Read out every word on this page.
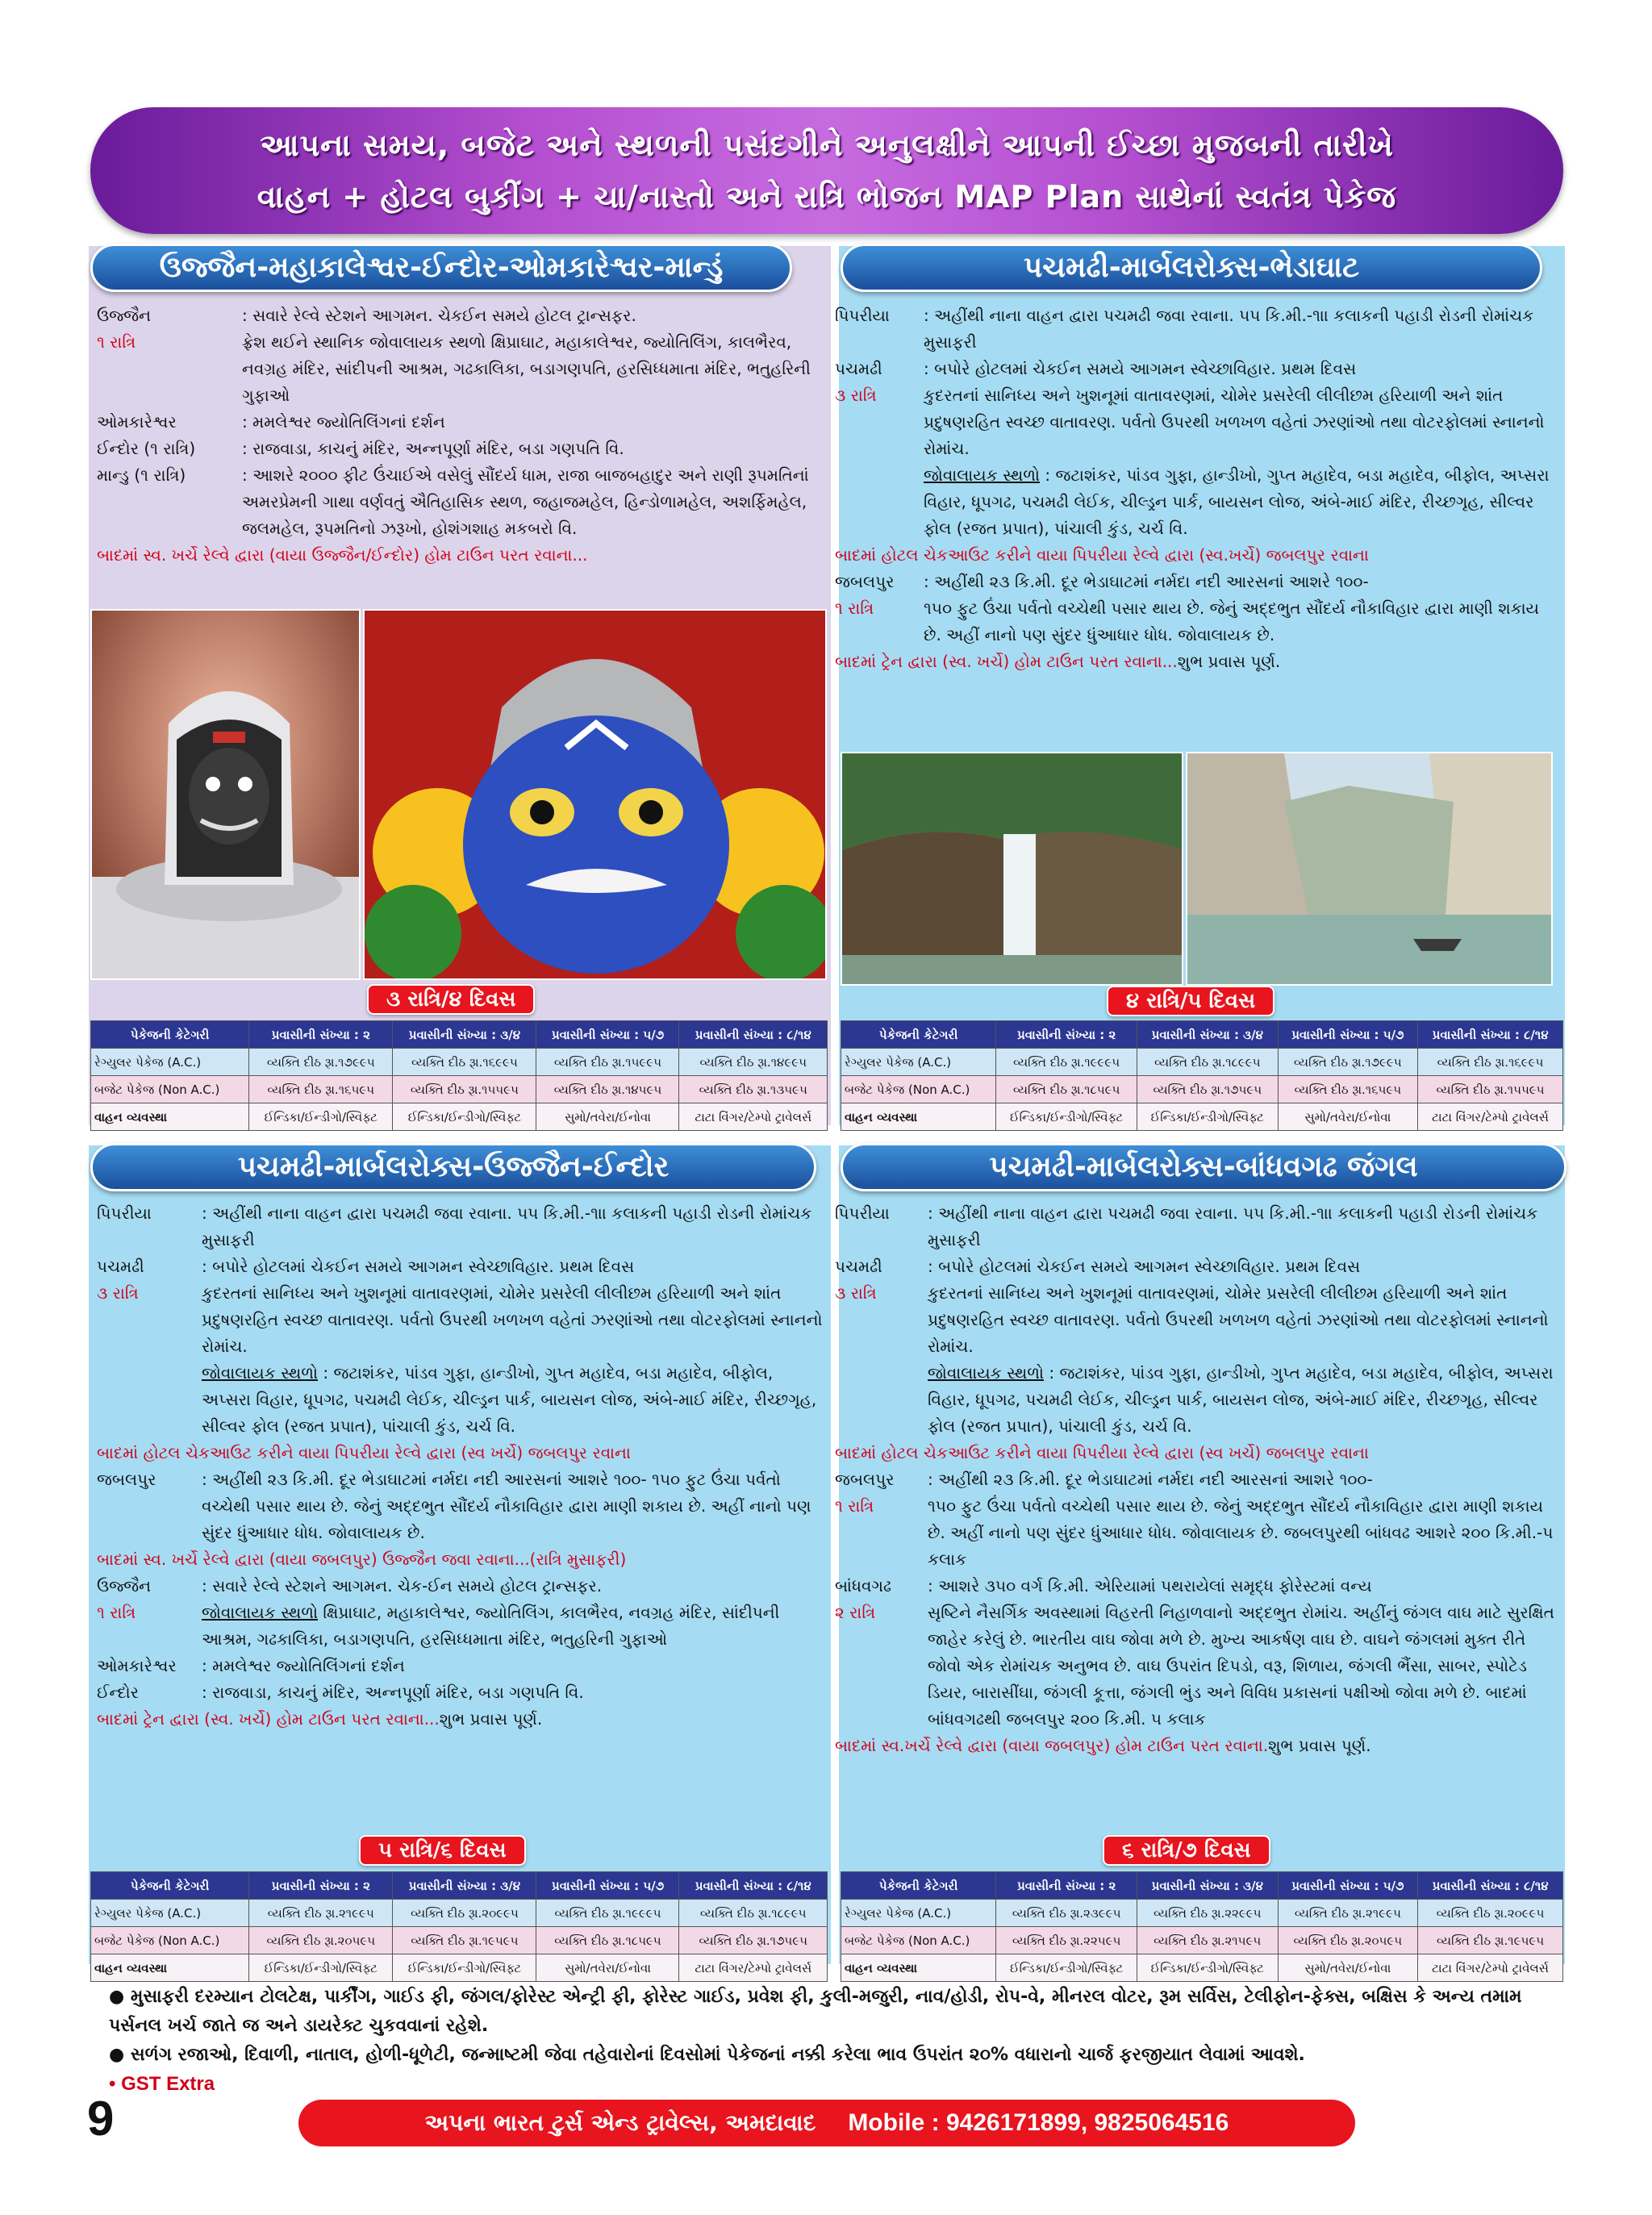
આપના સમય, બજેટ અને સ્થળની પસંદગીને અનુલક્ષીને આપની ઈચ્છા મુજબની તારીખે
વાહન + હોટલ બુકીંગ + ચા/નાસ્તો અને રાત્રિ ભોજન MAP Plan સાથેનાં સ્વતંત્ર પેકેજ
ઉજ્જૈન-મહાકાલેશ્વર-ઈન્દોર-ઓમકારેશ્વર-માન્ડું
ઉજ્જૈન	: સવારે રેલ્વે સ્ટેશને આગમન. ચેકઈન સમયે હોટલ ટ્રાન્સફર.
૧ રાત્રિ	ફ્રેશ થઈને સ્થાનિક જોવાલાયક સ્થળો ક્ષિપ્રાઘાટ, મહાકાલેશ્વર, જ્યોતિલિંગ, કાલભૈરવ, નવગ્રહ મંદિર, સાંદીપની આશ્રમ, ગઢકાલિકા, બડાગણપતિ, હરસિધ્ધમાતા મંદિર, ભતુહરિની ગુફાઓ
ઓમકારેશ્વર	: મમલેશ્વર જ્યોતિલિંગનાં દર્શન
ઈન્દોર (૧ રાત્રિ)	: રાજવાડા, કાચનું મંદિર, અન્નપૂર્ણા મંદિર, બડા ગણપતિ વિ.
માન્ડુ (૧ રાત્રિ)	: આશરે ૨૦૦૦ ફીટ ઉંચાઈએ વસેલું સૌંદર્ય ધામ, રાજા બાજબહાદુર અને રાણી રૂપમતિનાં અમરપ્રેમની ગાથા વર્ણવતું ઐતિહાસિક સ્થળ, જહાજમહેલ, હિન્ડોળામહેલ, અશર્ફિમહેલ, જલમહેલ, રૂપમતિનો ઝરૂખો, હોશંગશાહ મકબરો વિ.
બાદમાં સ્વ. ખર્ચે રેલ્વે દ્વારા (વાયા ઉજ્જૈન/ઈન્દોર) હોમ ટાઉન પરત રવાના...
૩ રાત્રિ/૪ દિવસ
પેકેજની કેટેગરી	પ્રવાસીની સંખ્યા : ૨	પ્રવાસીની સંખ્યા : ૩/૪	પ્રવાસીની સંખ્યા : ૫/૭	પ્રવાસીની સંખ્યા : ૮/૧૪
રેગ્યુલર પેકેજ (A.C.)	વ્યક્તિ દીઠ રૂા.૧૭૯૯૫	વ્યક્તિ દીઠ રૂા.૧૬૯૯૫	વ્યક્તિ દીઠ રૂા.૧૫૯૯૫	વ્યક્તિ દીઠ રૂા.૧૪૯૯૫
બજેટ પેકેજ (Non A.C.)	વ્યક્તિ દીઠ રૂા.૧૬૫૯૫	વ્યક્તિ દીઠ રૂા.૧૫૫૯૫	વ્યક્તિ દીઠ રૂા.૧૪૫૯૫	વ્યક્તિ દીઠ રૂા.૧૩૫૯૫
વાહન વ્યવસ્થા	ઈન્ડિકા/ઈન્ડીગો/સ્વિફ્ટ	ઈન્ડિકા/ઈન્ડીગો/સ્વિફ્ટ	સુમો/તવેરા/ઈનોવા	ટાટા વિંગર/ટેમ્પો ટ્રાવેલર્સ
પચમઢી-માર્બલરોક્સ-ભેડાઘાટ
પિપરીયા	: અહીંથી નાના વાહન દ્વારા પચમઢી જવા રવાના. ૫૫ કિ.મી.-૧ાા કલાકની પહાડી રોડની રોમાંચક મુસાફરી
પચમઢી	: બપોરે હોટલમાં ચેકઈન સમયે આગમન સ્વેચ્છાવિહાર. પ્રથમ દિવસ
૩ રાત્રિ	કુદરતનાં સાનિધ્ય અને ખુશનૂમાં વાતાવરણમાં, ચોમેર પ્રસરેલી લીલીછમ હરિયાળી અને શાંત પ્રદુષણરહિત સ્વચ્છ વાતાવરણ. પર્વતો ઉપરથી ખળખળ વહેતાં ઝરણાંઓ તથા વોટરફોલમાં સ્નાનનો રોમાંચ.
જોવાલાયક સ્થળો : જટાશંકર, પાંડવ ગુફા, હાન્ડીખો, ગુપ્ત મહાદેવ, બડા મહાદેવ, બીફોલ, અપ્સરા વિહાર, ધૂપગઢ, પચમઢી લેઈક, ચીલ્ડ્રન પાર્ક, બાયસન લોજ, અંબે-માઈ મંદિર, રીચ્છગૃહ, સીલ્વર ફોલ (રજત પ્રપાત), પાંચાલી કુંડ, ચર્ચ વિ.
બાદમાં હોટલ ચેકઆઉટ કરીને વાયા પિપરીયા રેલ્વે દ્વારા (સ્વ.ખર્ચે) જબલપુર રવાના
જબલપુર	: અહીંથી ૨૩ કિ.મી. દૂર ભેડાઘાટમાં નર્મદા નદી આરસનાં આશરે ૧૦૦-
૧ રાત્રિ	૧૫૦ ફુટ ઉંચા પર્વતો વચ્ચેથી પસાર થાય છે. જેનું અદ્દભુત સૌંદર્ય નૌકાવિહાર દ્વારા માણી શકાય છે. અહીં નાનો પણ સુંદર ધુંઆધાર ધોધ. જોવાલાયક છે.
બાદમાં ટ્રેન દ્વારા (સ્વ. ખર્ચે) હોમ ટાઉન પરત રવાના...શુભ પ્રવાસ પૂર્ણ.
૪ રાત્રિ/૫ દિવસ
પેકેજની કેટેગરી	પ્રવાસીની સંખ્યા : ૨	પ્રવાસીની સંખ્યા : ૩/૪	પ્રવાસીની સંખ્યા : ૫/૭	પ્રવાસીની સંખ્યા : ૮/૧૪
રેગ્યુલર પેકેજ (A.C.)	વ્યક્તિ દીઠ રૂા.૧૯૯૯૫	વ્યક્તિ દીઠ રૂા.૧૮૯૯૫	વ્યક્તિ દીઠ રૂા.૧૭૯૯૫	વ્યક્તિ દીઠ રૂા.૧૬૯૯૫
બજેટ પેકેજ (Non A.C.)	વ્યક્તિ દીઠ રૂા.૧૮૫૯૫	વ્યક્તિ દીઠ રૂા.૧૭૫૯૫	વ્યક્તિ દીઠ રૂા.૧૬૫૯૫	વ્યક્તિ દીઠ રૂા.૧૫૫૯૫
વાહન વ્યવસ્થા	ઈન્ડિકા/ઈન્ડીગો/સ્વિફ્ટ	ઈન્ડિકા/ઈન્ડીગો/સ્વિફ્ટ	સુમો/તવેરા/ઈનોવા	ટાટા વિંગર/ટેમ્પો ટ્રાવેલર્સ
પચમઢી-માર્બલરોક્સ-ઉજ્જૈન-ઈન્દોર
પિપરીયા	: અહીંથી નાના વાહન દ્વારા પચમઢી જવા રવાના. ૫૫ કિ.મી.-૧ાા કલાકની પહાડી રોડની રોમાંચક મુસાફરી
પચમઢી	: બપોરે હોટલમાં ચેકઈન સમયે આગમન સ્વેચ્છાવિહાર. પ્રથમ દિવસ
૩ રાત્રિ	કુદરતનાં સાનિધ્ય અને ખુશનૂમાં વાતાવરણમાં, ચોમેર પ્રસરેલી લીલીછમ હરિયાળી અને શાંત પ્રદુષણરહિત સ્વચ્છ વાતાવરણ. પર્વતો ઉપરથી ખળખળ વહેતાં ઝરણાંઓ તથા વોટરફોલમાં સ્નાનનો રોમાંચ.
જોવાલાયક સ્થળો : જટાશંકર, પાંડવ ગુફા, હાન્ડીખો, ગુપ્ત મહાદેવ, બડા મહાદેવ, બીફોલ, અપ્સરા વિહાર, ધૂપગઢ, પચમઢી લેઈક, ચીલ્ડ્રન પાર્ક, બાયસન લોજ, અંબે-માઈ મંદિર, રીચ્છગૃહ, સીલ્વર ફોલ (રજત પ્રપાત), પાંચાલી કુંડ, ચર્ચ વિ.
બાદમાં હોટલ ચેકઆઉટ કરીને વાયા પિપરીયા રેલ્વે દ્વારા (સ્વ ખર્ચે) જબલપુર રવાના
જબલપુર	: અહીંથી ૨૩ કિ.મી. દૂર ભેડાઘાટમાં નર્મદા નદી આરસનાં આશરે ૧૦૦- ૧૫૦ ફુટ ઉંચા પર્વતો વચ્ચેથી પસાર થાય છે. જેનું અદ્દભુત સૌંદર્ય નૌકાવિહાર દ્વારા માણી શકાય છે. અહીં નાનો પણ સુંદર ધુંઆધાર ધોધ. જોવાલાયક છે.
બાદમાં સ્વ. ખર્ચે રેલ્વે દ્વારા (વાયા જબલપુર) ઉજ્જૈન જવા રવાના...(રાત્રિ મુસાફરી)
ઉજ્જૈન	: સવારે રેલ્વે સ્ટેશને આગમન. ચેક-ઈન સમયે હોટલ ટ્રાન્સફર.
૧ રાત્રિ	જોવાલાયક સ્થળો ક્ષિપ્રાઘાટ, મહાકાલેશ્વર, જ્યોતિલિંગ, કાલભૈરવ, નવગ્રહ મંદિર, સાંદીપની આશ્રમ, ગઢકાલિકા, બડાગણપતિ, હરસિધ્ધમાતા મંદિર, ભતુહરિની ગુફાઓ
ઓમકારેશ્વર	: મમલેશ્વર જ્યોતિલિંગનાં દર્શન
ઈન્દોર	: રાજવાડા, કાચનું મંદિર, અન્નપૂર્ણા મંદિર, બડા ગણપતિ વિ.
બાદમાં ટ્રેન દ્વારા (સ્વ. ખર્ચે) હોમ ટાઉન પરત રવાના...શુભ પ્રવાસ પૂર્ણ.
૫ રાત્રિ/૬ દિવસ
પેકેજની કેટેગરી	પ્રવાસીની સંખ્યા : ૨	પ્રવાસીની સંખ્યા : ૩/૪	પ્રવાસીની સંખ્યા : ૫/૭	પ્રવાસીની સંખ્યા : ૮/૧૪
રેગ્યુલર પેકેજ (A.C.)	વ્યક્તિ દીઠ રૂા.૨૧૯૯૫	વ્યક્તિ દીઠ રૂા.૨૦૯૯૫	વ્યક્તિ દીઠ રૂા.૧૯૯૯૫	વ્યક્તિ દીઠ રૂા.૧૮૯૯૫
બજેટ પેકેજ (Non A.C.)	વ્યક્તિ દીઠ રૂા.૨૦૫૯૫	વ્યક્તિ દીઠ રૂા.૧૯૫૯૫	વ્યક્તિ દીઠ રૂા.૧૮૫૯૫	વ્યક્તિ દીઠ રૂા.૧૭૫૯૫
વાહન વ્યવસ્થા	ઈન્ડિકા/ઈન્ડીગો/સ્વિફ્ટ	ઈન્ડિકા/ઈન્ડીગો/સ્વિફ્ટ	સુમો/તવેરા/ઈનોવા	ટાટા વિંગર/ટેમ્પો ટ્રાવેલર્સ
પચમઢી-માર્બલરોક્સ-બાંધવગઢ જંગલ
પિપરીયા	: અહીંથી નાના વાહન દ્વારા પચમઢી જવા રવાના. ૫૫ કિ.મી.-૧ાા કલાકની પહાડી રોડની રોમાંચક મુસાફરી
પચમઢી	: બપોરે હોટલમાં ચેકઈન સમયે આગમન સ્વેચ્છાવિહાર. પ્રથમ દિવસ
૩ રાત્રિ	કુદરતનાં સાનિધ્ય અને ખુશનૂમાં વાતાવરણમાં, ચોમેર પ્રસરેલી લીલીછમ હરિયાળી અને શાંત પ્રદુષણરહિત સ્વચ્છ વાતાવરણ. પર્વતો ઉપરથી ખળખળ વહેતાં ઝરણાંઓ તથા વોટરફોલમાં સ્નાનનો રોમાંચ.
જોવાલાયક સ્થળો : જટાશંકર, પાંડવ ગુફા, હાન્ડીખો, ગુપ્ત મહાદેવ, બડા મહાદેવ, બીફોલ, અપ્સરા વિહાર, ધૂપગઢ, પચમઢી લેઈક, ચીલ્ડ્રન પાર્ક, બાયસન લોજ, અંબે-માઈ મંદિર, રીચ્છગૃહ, સીલ્વર ફોલ (રજત પ્રપાત), પાંચાલી કુંડ, ચર્ચ વિ.
બાદમાં હોટલ ચેકઆઉટ કરીને વાયા પિપરીયા રેલ્વે દ્વારા (સ્વ ખર્ચે) જબલપુર રવાના
જબલપુર	: અહીંથી ૨૩ કિ.મી. દૂર ભેડાઘાટમાં નર્મદા નદી આરસનાં આશરે ૧૦૦-
૧ રાત્રિ	૧૫૦ ફુટ ઉંચા પર્વતો વચ્ચેથી પસાર થાય છે. જેનું અદ્દભુત સૌંદર્ય નૌકાવિહાર દ્વારા માણી શકાય છે. અહીં નાનો પણ સુંદર ધુંઆધાર ધોધ. જોવાલાયક છે. જબલપુરથી બાંધવઢ આશરે ૨૦૦ કિ.મી.-૫ કલાક
બાંધવગઢ	: આશરે ૩૫૦ વર્ગ કિ.મી. એરિયામાં પથરાયેલાં સમૃદ્ધ ફોરેસ્ટમાં વન્ય
૨ રાત્રિ	સૃષ્ટિને નૈસર્ગિક અવસ્થામાં વિહરતી નિહાળવાનો અદ્દભુત રોમાંચ. અહીંનું જંગલ વાઘ માટે સુરક્ષિત જાહેર કરેલું છે. ભારતીય વાઘ જોવા મળે છે. મુખ્ય આકર્ષણ વાઘ છે. વાઘને જંગલમાં મુક્ત રીતે જોવો એક રોમાંચક અનુભવ છે. વાઘ ઉપરાંત દિપડો, વરૂ, શિળાય, જંગલી ભૈંસા, સાબર, સ્પોટેડ ડિયર, બારાસીંઘા, જંગલી કૂત્તા, જંગલી ભુંડ અને વિવિધ પ્રકાસનાં પક્ષીઓ જોવા મળે છે. બાદમાં બાંધવગઢથી જબલપુર ૨૦૦ કિ.મી. ૫ કલાક
બાદમાં સ્વ.ખર્ચે રેલ્વે દ્વારા (વાયા જબલપુર) હોમ ટાઉન પરત રવાના.શુભ પ્રવાસ પૂર્ણ.
૬ રાત્રિ/૭ દિવસ
પેકેજની કેટેગરી	પ્રવાસીની સંખ્યા : ૨	પ્રવાસીની સંખ્યા : ૩/૪	પ્રવાસીની સંખ્યા : ૫/૭	પ્રવાસીની સંખ્યા : ૮/૧૪
રેગ્યુલર પેકેજ (A.C.)	વ્યક્તિ દીઠ રૂા.૨૩૯૯૫	વ્યક્તિ દીઠ રૂા.૨૨૯૯૫	વ્યક્તિ દીઠ રૂા.૨૧૯૯૫	વ્યક્તિ દીઠ રૂા.૨૦૯૯૫
બજેટ પેકેજ (Non A.C.)	વ્યક્તિ દીઠ રૂા.૨૨૫૯૫	વ્યક્તિ દીઠ રૂા.૨૧૫૯૫	વ્યક્તિ દીઠ રૂા.૨૦૫૯૫	વ્યક્તિ દીઠ રૂા.૧૯૫૯૫
વાહન વ્યવસ્થા	ઈન્ડિકા/ઈન્ડીગો/સ્વિફ્ટ	ઈન્ડિકા/ઈન્ડીગો/સ્વિફ્ટ	સુમો/તવેરા/ઈનોવા	ટાટા વિંગર/ટેમ્પો ટ્રાવેલર્સ
● મુસાફરી દરમ્યાન ટોલટેક્ષ, પાર્કીંગ, ગાઈડ ફી, જંગલ/ફોરેસ્ટ એન્ટ્રી ફી, ફોરેસ્ટ ગાઈડ, પ્રવેશ ફી, કુલી-મજુરી, નાવ/હોડી, રોપ-વે, મીનરલ વોટર, રૂમ સર્વિસ, ટેલીફોન-ફેક્સ, બક્ષિસ કે અન્ય તમામ પર્સનલ ખર્ચ જાતે જ અને ડાયરેક્ટ ચુકવવાનાં રહેશે.
● સળંગ રજાઓ, દિવાળી, નાતાલ, હોળી-ધૂળેટી, જન્માષ્ટમી જેવા તહેવારોનાં દિવસોમાં પેકેજનાં નક્કી કરેલા ભાવ ઉપરાંત ૨૦% વધારાનો ચાર્જ ફરજીયાત લેવામાં આવશે.
• GST Extra
9	અપના ભારત ટુર્સ એન્ડ ટ્રાવેલ્સ, અમદાવાદ Mobile : 9426171899, 9825064516
